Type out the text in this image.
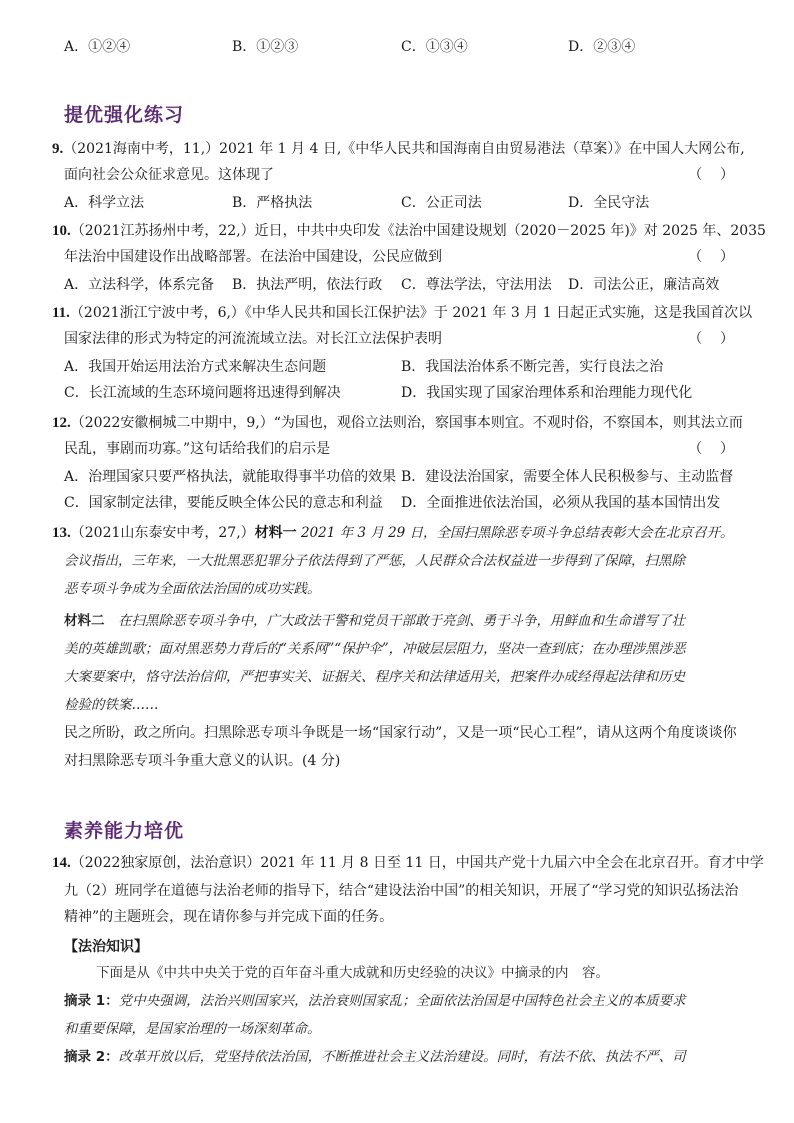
A．①②④	B．①②③	C．①③④	D．②③④
提优强化练习
9.（2021海南中考，11,）2021 年 1 月 4 日,《中华人民共和国海南自由贸易港法（草案）》在中国人大网公布,
面向社会公众征求意见。这体现了	（    ）
A．科学立法	B．严格执法	C．公正司法	D．全民守法
10.（2021江苏扬州中考，22,）近日，中共中央印发《法治中国建设规划（2020－2025 年)》对 2025 年、2035
年法治中国建设作出战略部署。在法治中国建设，公民应做到	（    ）
A．立法科学，体系完备 B．执法严明，依法行政 C．尊法学法，守法用法 D．司法公正，廉洁高效
11.（2021浙江宁波中考，6,）《中华人民共和国长江保护法》于 2021 年 3 月 1 日起正式实施，这是我国首次以
国家法律的形式为特定的河流流域立法。对长江立法保护表明	（    ）
A．我国开始运用法治方式来解决生态问题	B．我国法治体系不断完善，实行良法之治
C．长江流域的生态环境问题将迅速得到解决	D．我国实现了国家治理体系和治理能力现代化
12.（2022安徽桐城二中期中，9,）“为国也，观俗立法则治，察国事本则宜。不观时俗，不察国本，则其法立而
民乱，事剧而功寡。”这句话给我们的启示是	（    ）
A．治理国家只要严格执法，就能取得事半功倍的效果 B．建设法治国家，需要全体人民积极参与、主动监督
C．国家制定法律，要能反映全体公民的意志和利益 D．全面推进依法治国，必须从我国的基本国情出发
13.（2021山东泰安中考，27,）材料一 2021 年 3 月 29 日，全国扫黑除恶专项斗争总结表彰大会在北京召开。
会议指出，三年来，一大批黑恶犯罪分子依法得到了严惩，人民群众合法权益进一步得到了保障，扫黑除
恶专项斗争成为全面依法治国的成功实践。
材料二　 在扫黑除恶专项斗争中，广大政法干警和党员干部敢于亮剑、勇于斗争，用鲜血和生命谱写了壮
美的英雄凯歌；面对黑恶势力背后的“关系网”“保护伞”，冲破层层阻力，坚决一查到底；在办理涉黑涉恶
大案要案中，恪守法治信仰，严把事实关、证据关、程序关和法律适用关，把案件办成经得起法律和历史
检验的铁案……
民之所盼，政之所向。扫黑除恶专项斗争既是一场“国家行动”，又是一项“民心工程”，请从这两个角度谈谈你
对扫黑除恶专项斗争重大意义的认识。(4 分)
素养能力培优
14.（2022独家原创，法治意识）2021 年 11 月 8 日至 11 日，中国共产党十九届六中全会在北京召开。育才中学
九（2）班同学在道德与法治老师的指导下，结合“建设法治中国”的相关知识，开展了“学习党的知识弘扬法治
精神”的主题班会，现在请你参与并完成下面的任务。
【法治知识】
下面是从《中共中央关于党的百年奋斗重大成就和历史经验的决议》中摘录的内　容。
摘录 1：党中央强调，法治兴则国家兴，法治衰则国家乱；全面依法治国是中国特色社会主义的本质要求
和重要保障，是国家治理的一场深刻革命。
摘录 2：改革开放以后，党坚持依法治国，不断推进社会主义法治建设。同时，有法不依、执法不严、司
